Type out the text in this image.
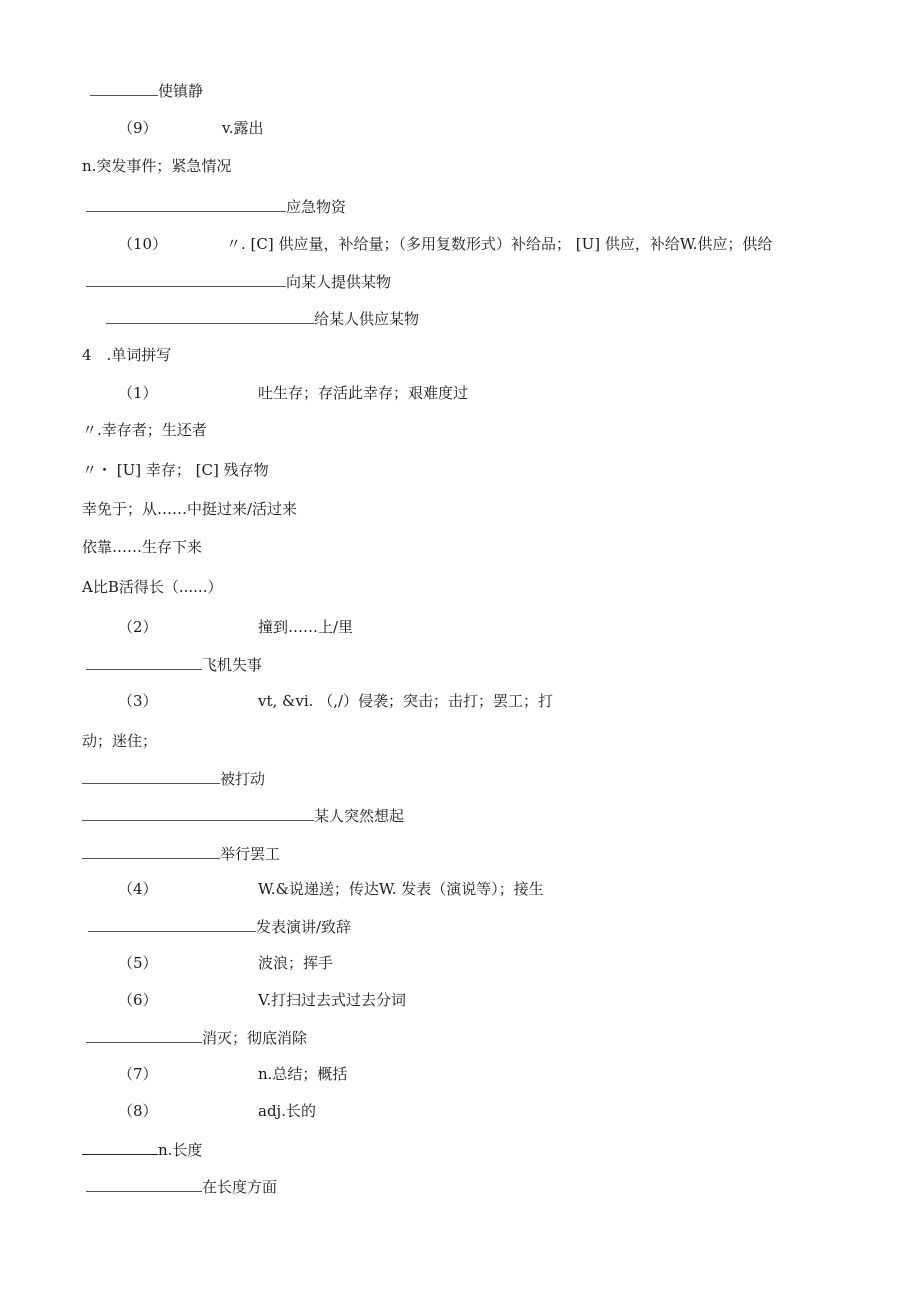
使镇静
（9）	v.露出
n.突发事件；紧急情况
应急物资
（10）	〃. [C] 供应量，补给量；（多用复数形式）补给品； [U] 供应，补给W.供应；供给
向某人提供某物
给某人供应某物
4　.单词拼写
（1）	吐生存；存活此幸存；艰难度过
〃.幸存者；生还者
〃・ [U] 幸存； [C] 残存物
幸免于；从……中挺过来/活过来
依靠……生存下来
A比B活得长（......）
（2）	撞到……上/里
飞机失事
（3）	vt, &vi. （,/）侵袭；突击；击打；罢工；打
动；迷住；
被打动
某人突然想起
举行罢工
（4）	W.&说递送；传达W. 发表（演说等）；接生
发表演讲/致辞
（5）	波浪；挥手
（6）	V.打扫过去式过去分词
消灭；彻底消除
（7）	n.总结；概括
（8）	adj.长的
n.长度
在长度方面
